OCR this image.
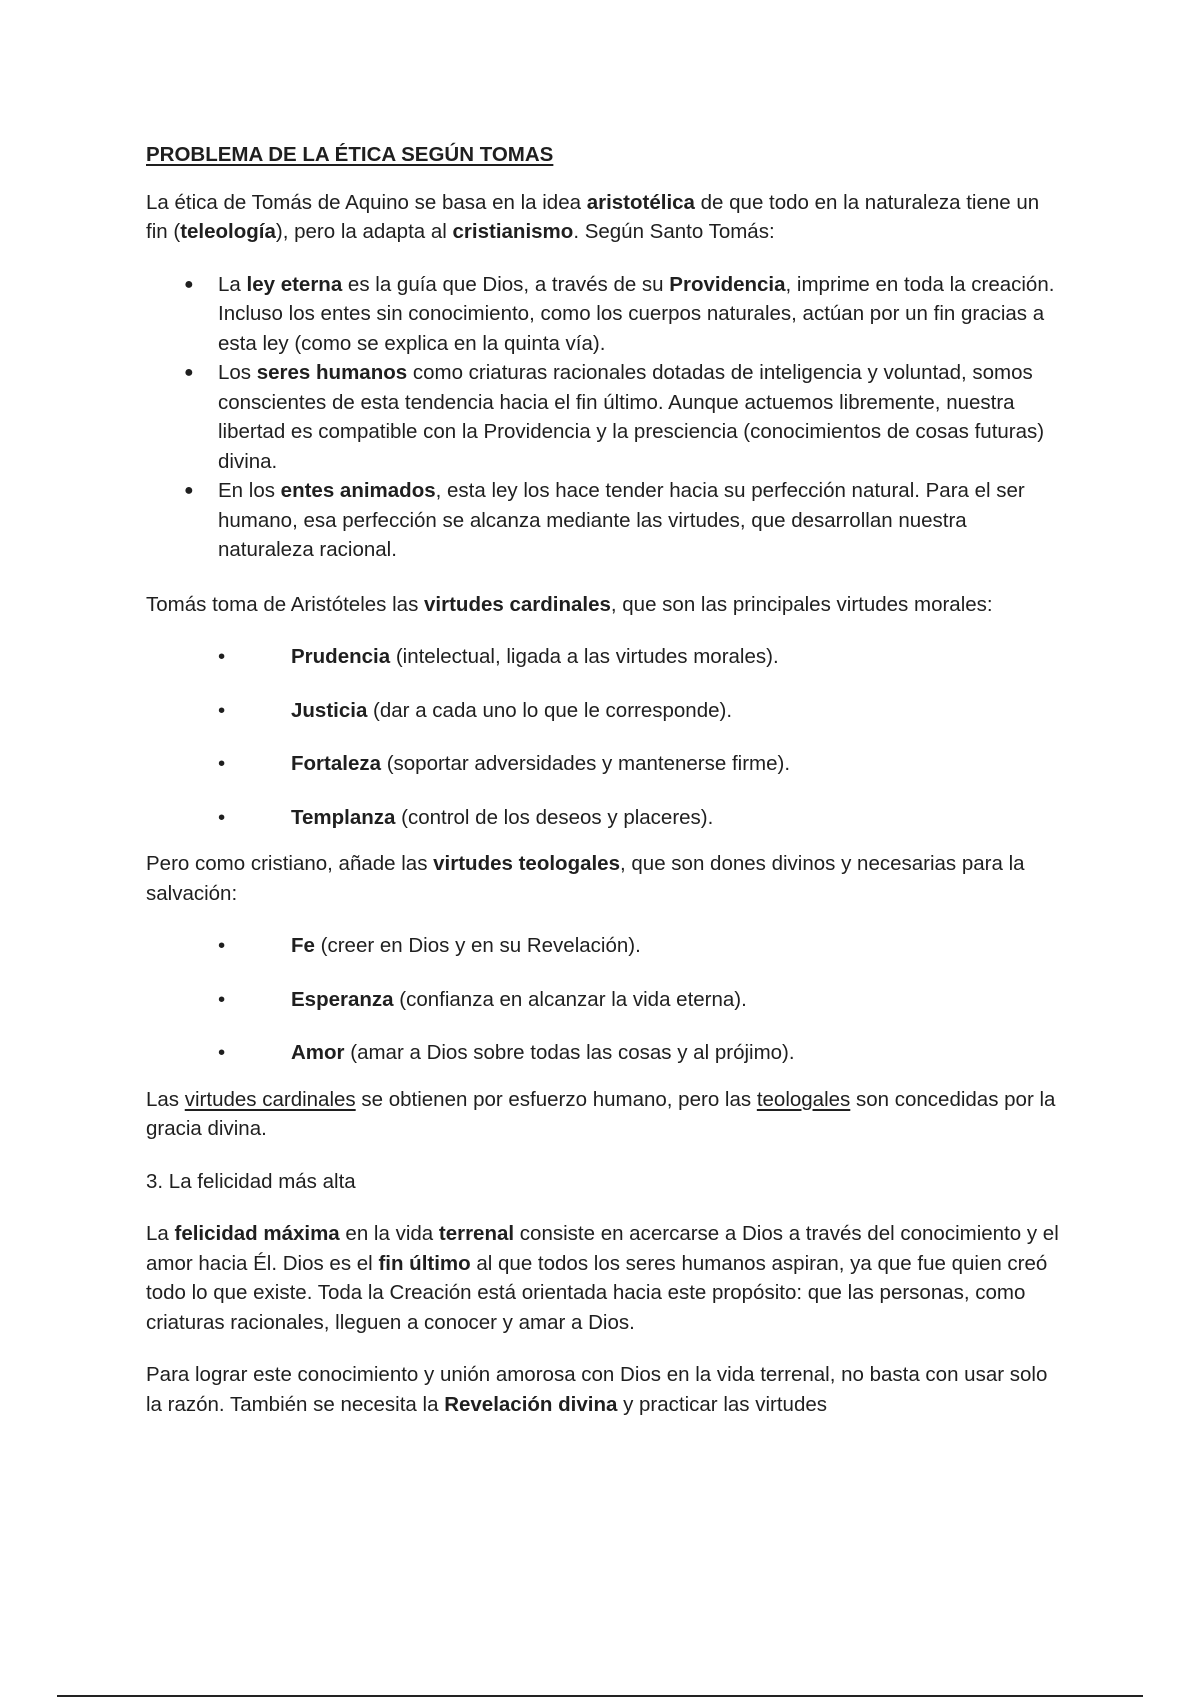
PROBLEMA DE LA ÉTICA SEGÚN TOMAS

La ética de Tomás de Aquino se basa en la idea aristotélica de que todo en la naturaleza tiene un fin (teleología), pero la adapta al cristianismo. Según Santo Tomás:

● La ley eterna es la guía que Dios, a través de su Providencia, imprime en toda la creación. Incluso los entes sin conocimiento, como los cuerpos naturales, actúan por un fin gracias a esta ley (como se explica en la quinta vía).
● Los seres humanos como criaturas racionales dotadas de inteligencia y voluntad, somos conscientes de esta tendencia hacia el fin último. Aunque actuemos libremente, nuestra libertad es compatible con la Providencia y la presciencia (conocimientos de cosas futuras) divina.
● En los entes animados, esta ley los hace tender hacia su perfección natural. Para el ser humano, esa perfección se alcanza mediante las virtudes, que desarrollan nuestra naturaleza racional.

Tomás toma de Aristóteles las virtudes cardinales, que son las principales virtudes morales:

•	Prudencia (intelectual, ligada a las virtudes morales).
•	Justicia (dar a cada uno lo que le corresponde).
•	Fortaleza (soportar adversidades y mantenerse firme).
•	Templanza (control de los deseos y placeres).

Pero como cristiano, añade las virtudes teologales, que son dones divinos y necesarias para la salvación:

•	Fe (creer en Dios y en su Revelación).
•	Esperanza (confianza en alcanzar la vida eterna).
•	Amor (amar a Dios sobre todas las cosas y al prójimo).

Las virtudes cardinales se obtienen por esfuerzo humano, pero las teologales son concedidas por la gracia divina.

3. La felicidad más alta

La felicidad máxima en la vida terrenal consiste en acercarse a Dios a través del conocimiento y el amor hacia Él. Dios es el fin último al que todos los seres humanos aspiran, ya que fue quien creó todo lo que existe. Toda la Creación está orientada hacia este propósito: que las personas, como criaturas racionales, lleguen a conocer y amar a Dios.

Para lograr este conocimiento y unión amorosa con Dios en la vida terrenal, no basta con usar solo la razón. También se necesita la Revelación divina y practicar las virtudes
